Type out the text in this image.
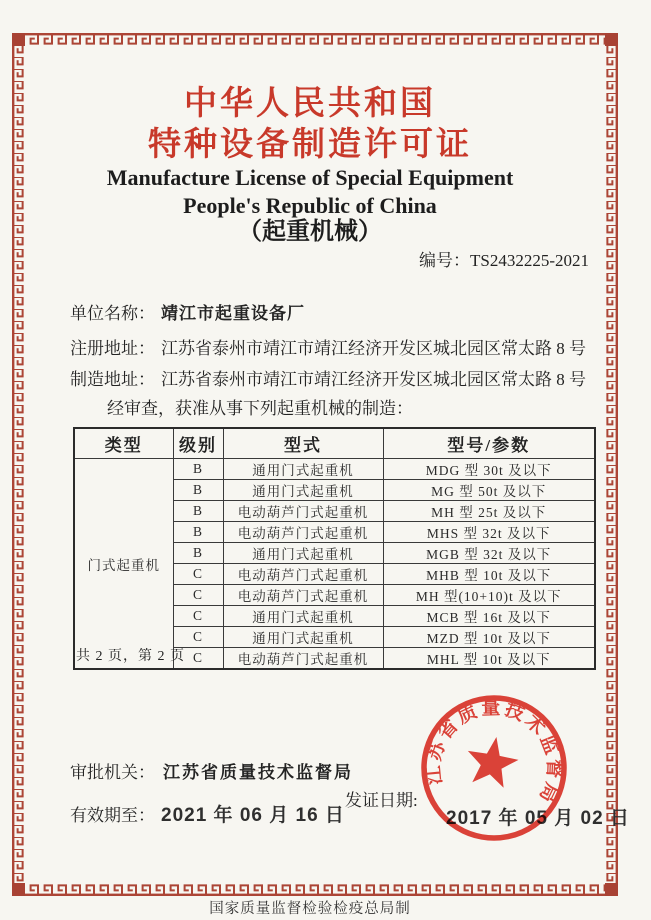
中华人民共和国
特种设备制造许可证
Manufacture License of Special Equipment
People's Republic of China
（起重机械）
编号：TS2432225-2021
单位名称： 靖江市起重设备厂
注册地址： 江苏省泰州市靖江市靖江经济开发区城北园区常太路 8 号
制造地址： 江苏省泰州市靖江市靖江经济开发区城北园区常太路 8 号
经审查，获准从事下列起重机械的制造：
类型	级别	型式	型号/参数
门式起重机	B	通用门式起重机	MDG 型 30t 及以下
	B	通用门式起重机	MG 型 50t 及以下
	B	电动葫芦门式起重机	MH 型 25t 及以下
	B	电动葫芦门式起重机	MHS 型 32t 及以下
	B	通用门式起重机	MGB 型 32t 及以下
	C	电动葫芦门式起重机	MHB 型 10t 及以下
	C	电动葫芦门式起重机	MH 型(10+10)t 及以下
	C	通用门式起重机	MCB 型 16t 及以下
	C	通用门式起重机	MZD 型 10t 及以下
	C	电动葫芦门式起重机	MHL 型 10t 及以下
共 2 页，第 2 页
审批机关： 江苏省质量技术监督局
有效期至： 2021 年 06 月 16 日
发证日期:
2017 年 05 月 02 日
江苏省质量技术监督局
国家质量监督检验检疫总局制
